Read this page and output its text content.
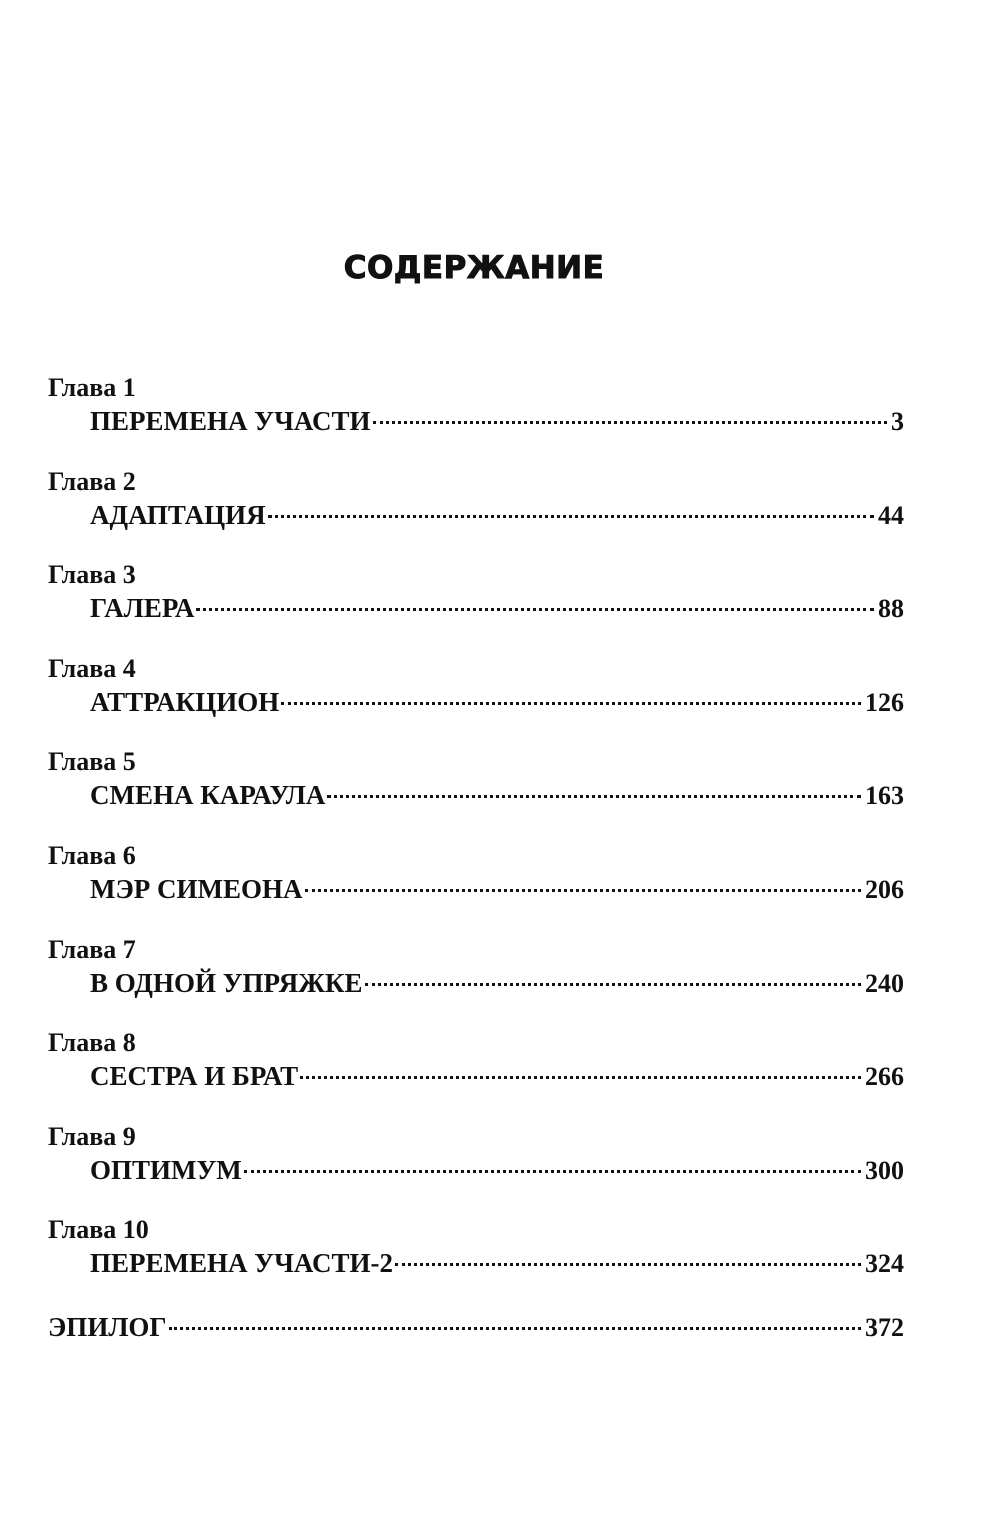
СОДЕРЖАНИЕ
Глава 1
ПЕРЕМЕНА УЧАСТИ	3
Глава 2
АДАПТАЦИЯ	44
Глава 3
ГАЛЕРА	88
Глава 4
АТТРАКЦИОН	126
Глава 5
СМЕНА КАРАУЛА	163
Глава 6
МЭР СИМЕОНА	206
Глава 7
В ОДНОЙ УПРЯЖКЕ	240
Глава 8
СЕСТРА И БРАТ	266
Глава 9
ОПТИМУМ	300
Глава 10
ПЕРЕМЕНА УЧАСТИ-2	324
ЭПИЛОГ	372
